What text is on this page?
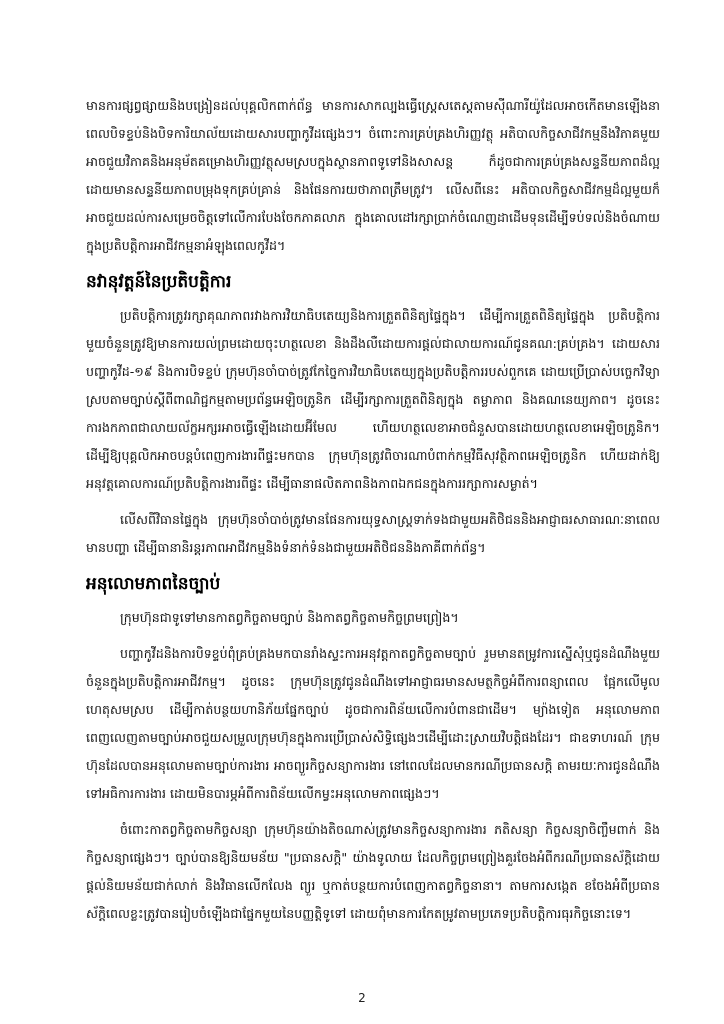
មានការផ្សព្វផ្សាយនិងបង្រៀនដល់បុគ្គលិកពាក់ព័ន្ធ មានការសាកល្បងធ្វើស្ត្រេសតេស្តតាមសុីណារីយ៉ូដែលអាចកើតមានឡើងនាពេលបិទខ្ទប់និងបិទការិយាល័យដោយសារបញ្ហាកូវីដផ្សេងៗ។ ចំពោះការគ្រប់គ្រងហិរញ្ញវត្ថុ អតិបាលកិច្ចសាជីវកម្មនឹងវិភាគមួយអាចជួយវិភាគនិងអនុម័តគម្រោងហិរញ្ញវត្ថុសមស្របក្នុងស្ថានភាពទូទៅនិងសាសន្ត ក៏ដូចជាការគ្រប់គ្រងសន្ទនីយភាពដ៏ល្អ ដោយមានសន្ទនីយភាពបម្រុងទុកគ្រប់គ្រាន់ និងផែនការយថាភាពត្រឹមត្រូវ។ លើសពីនេះ អតិបាលកិច្ចសាជីវកម្មដ៏ល្អមួយក៏អាចជួយដល់ការសម្រេចចិត្តទៅលើការបែងចែកភាគលាភ ក្នុងគោលដៅរក្សាប្រាក់ចំណេញដាដើមទុនដើម្បីទប់ទល់និងចំណាយក្នុងប្រតិបត្តិការអាជីវកម្មនាអំឡុងពេលកូវីដ។

នវានុវត្តន៍នៃប្រតិបត្តិការ

ប្រតិបត្តិការត្រូវរក្សាគុណភាពរវាងការវិយាធិបតេយ្យនិងការត្រួតពិនិត្យផ្ទៃក្នុង។ ដើម្បីការត្រួតពិនិត្យផ្ទៃក្នុង ប្រតិបត្តិការមួយចំនួនត្រូវឱ្យមានការយល់ព្រមដោយចុះហត្ថលេខា និងដឹងលឺដោយការផ្តល់ជាលាយការណ៍ជូនគណ:គ្រប់គ្រង។ ដោយសារបញ្ហាកូវីដ-១៩ និងការបិទខ្ទប់ ក្រុមហ៊ុនចាំបាច់ត្រូវកែច្នៃការវិយាធិបតេយ្យក្នុងប្រតិបត្តិការរបស់ពួកគេ ដោយប្រើប្រាស់បច្ចេកវិទ្យាស្របតាមច្បាប់ស្តីពីពាណិជ្ជកម្មតាមប្រព័ន្ធអេឡិចត្រូនិក ដើម្បីរក្សាការត្រួតពិនិត្យក្នុង តម្លាភាព និងគណនេយ្យភាព។ ដូចនេះ ការងកភាពជាលាយល័ក្ខអក្សរអាចធ្វើឡើងដោយអ៊ីមែល ហើយហត្ថលេខាអាចជំនួសបានដោយហត្ថលេខាអេឡិចត្រូនិក។ ដើម្បីឱ្យបុគ្គលិកអាចបន្តបំពេញការងារពីផ្ទះមកបាន ក្រុមហ៊ុនត្រូវពិចារណាបំពាក់កម្មវិធីសុវត្ថិភាពអេឡិចត្រូនិក ហើយដាក់ឱ្យអនុវត្តគោលការណ៍ប្រតិបត្តិការងារពីផ្ទះ ដើម្បីធានាផលិតភាពនិងភាពឯកជនក្នុងការរក្សាការសម្ងាត់។

លើសពីវិធានផ្ទៃក្នុង ក្រុមហ៊ុនចាំបាច់ត្រូវមានផែនការយុទ្ធសាស្ត្រទាក់ទងជាមួយអតិថិជននិងអាជ្ញាធរសាធារណៈនាពេលមានបញ្ហា ដើម្បីធានានិរន្តរភាពអាជីវកម្មនិងទំនាក់ទំនងជាមួយអតិថិជននិងភាគីពាក់ព័ន្ធ។

អនុលោមភាពនៃច្បាប់

ក្រុមហ៊ុនជាទូទៅមានកាតព្វកិច្ចតាមច្បាប់ និងកាតព្វកិច្ចតាមកិច្ចព្រមព្រៀង។

បញ្ហាកូវីដនិងការបិទខ្ទប់ពុំគ្រប់គ្រងមកបានរាំងស្ទះការអនុវត្តកាតព្វកិច្ចតាមច្បាប់ រួមមានតម្រូវការស្នើសុំឬជូនដំណឹងមួយចំនួនក្នុងប្រតិបត្តិការអាជីវកម្ម។ ដូចនេះ ក្រុមហ៊ុនត្រូវជូនដំណឹងទៅអាជ្ញាធរមានសមត្ថកិច្ចអំពីការពន្យាពេល ផ្អែកលើមូលហេតុសមស្រប ដើម្បីកាត់បន្ថយហានិភ័យផ្នែកច្បាប់ ដូចជាការពិន័យលើការបំពានជាដើម។ ម្យ៉ាងទៀត អនុលោមភាពពេញលេញតាមច្បាប់អាចជួយសម្រួលក្រុមហ៊ុនក្នុងការប្រើប្រាស់សិទ្ធិផ្សេងៗដើម្បីដោះស្រាយវិបត្តិផងដែរ។ ជាឧទាហរណ៍ ក្រុមហ៊ុនដែលបានអនុលោមតាមច្បាប់ការងារ អាចព្យួរកិច្ចសន្យាការងារ នៅពេលដែលមានករណីប្រធានសក្តិ តាមរយៈការជូនដំណឹងទៅអធិការការងារ ដោយមិនបារម្ភអំពីការពិន័យលើកម្វះអនុលោមភាពផ្សេងៗ។

ចំពោះកាតព្វកិច្ចតាមកិច្ចសន្យា ក្រុមហ៊ុនយ៉ាងតិចណាស់ត្រូវមានកិច្ចសន្យាការងារ ភតិសន្យា កិច្ចសន្យាចិញ្ចឹមពាក់ និងកិច្ចសន្យាផ្សេងៗ។ ច្បាប់បានឱ្យនិយមន័យ "ប្រធានសក្តិ" យ៉ាងទូលាយ ដែលកិច្ចព្រមព្រៀងគួរចែងអំពីករណីប្រធានស័ក្តិដោយផ្តល់និយមន័យជាក់លាក់ និងវិធានលើកលែង ព្យួរ ឬកាត់បន្ថយការបំពេញកាតព្វកិច្ចនានា។ តាមការសង្កេត ខចែងអំពីប្រធានស័ក្តិពេលខ្លះត្រូវបានរៀបចំឡើងជាផ្នែកមួយនៃបញ្ញត្តិទូទៅ ដោយពុំមានការកែតម្រូវតាមប្រភេទប្រតិបត្តិការធុរកិច្ចនោះទេ។

2
